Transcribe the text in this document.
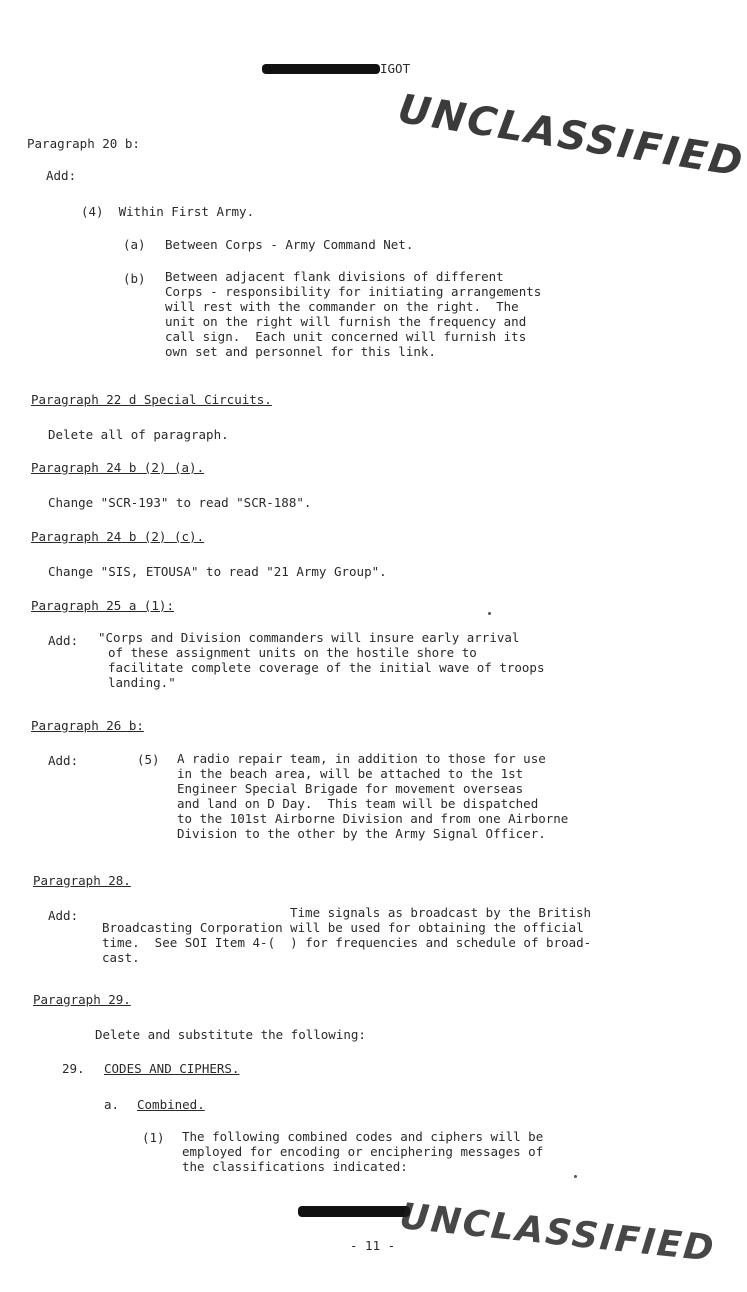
IGOT
UNCLASSIFIED
Paragraph 20 b:
Add:
(4)  Within First Army.
(a) Between Corps - Army Command Net.
(b) Between adjacent flank divisions of different
Corps - responsibility for initiating arrangements
will rest with the commander on the right.  The
unit on the right will furnish the frequency and
call sign.  Each unit concerned will furnish its
own set and personnel for this link.
Paragraph 22 d Special Circuits.
Delete all of paragraph.
Paragraph 24 b (2) (a).
Change "SCR-193" to read "SCR-188".
Paragraph 24 b (2) (c).
Change "SIS, ETOUSA" to read "21 Army Group".
Paragraph 25 a (1):
Add: "Corps and Division commanders will insure early arrival
of these assignment units on the hostile shore to
facilitate complete coverage of the initial wave of troops
landing."
Paragraph 26 b:
Add:	(5) A radio repair team, in addition to those for use
in the beach area, will be attached to the 1st
Engineer Special Brigade for movement overseas
and land on D Day.  This team will be dispatched
to the 101st Airborne Division and from one Airborne
Division to the other by the Army Signal Officer.
Paragraph 28.
Add:	Time signals as broadcast by the British
Broadcasting Corporation will be used for obtaining the official
time.  See SOI Item 4-(  ) for frequencies and schedule of broad-
cast.
Paragraph 29.
Delete and substitute the following:
29. CODES AND CIPHERS.
a. Combined.
(1) The following combined codes and ciphers will be
employed for encoding or enciphering messages of
the classifications indicated:
UNCLASSIFIED
- 11 -
